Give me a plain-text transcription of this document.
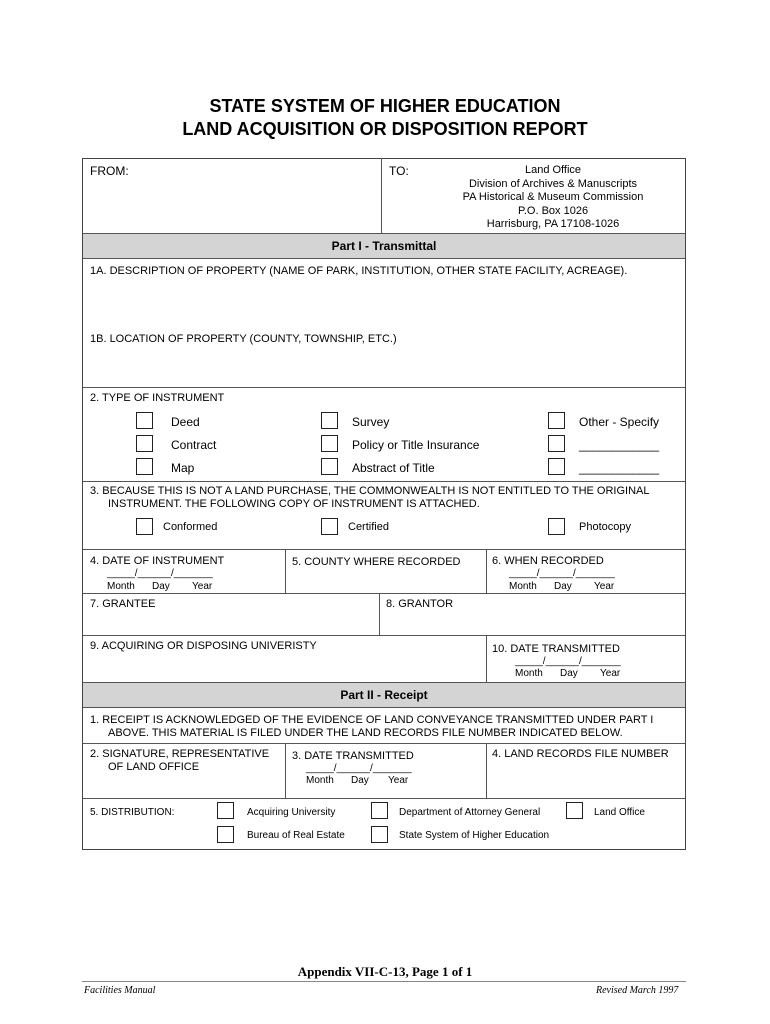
STATE SYSTEM OF HIGHER EDUCATION
LAND ACQUISITION OR DISPOSITION REPORT
FROM:	TO:	Land Office
Division of Archives & Manuscripts
PA Historical & Museum Commission
P.O. Box 1026
Harrisburg, PA 17108-1026
Part I - Transmittal
1A. DESCRIPTION OF PROPERTY (NAME OF PARK, INSTITUTION, OTHER STATE FACILITY, ACREAGE).
1B. LOCATION OF PROPERTY (COUNTY, TOWNSHIP, ETC.)
2. TYPE OF INSTRUMENT
Deed	Survey	Other - Specify
Contract	Policy or Title Insurance	____________
Map	Abstract of Title	____________
3. BECAUSE THIS IS NOT A LAND PURCHASE, THE COMMONWEALTH IS NOT ENTITLED TO THE ORIGINAL
INSTRUMENT. THE FOLLOWING COPY OF INSTRUMENT IS ATTACHED.
Conformed	Certified	Photocopy
4. DATE OF INSTRUMENT
_____/______/_______
Month Day Year
5. COUNTY WHERE RECORDED	6. WHEN RECORDED
_____/______/_______
Month Day Year
7. GRANTEE	8. GRANTOR
9. ACQUIRING OR DISPOSING UNIVERISTY	10. DATE TRANSMITTED
_____/______/_______
Month Day Year
Part II - Receipt
1. RECEIPT IS ACKNOWLEDGED OF THE EVIDENCE OF LAND CONVEYANCE TRANSMITTED UNDER PART I
ABOVE. THIS MATERIAL IS FILED UNDER THE LAND RECORDS FILE NUMBER INDICATED BELOW.
2. SIGNATURE, REPRESENTATIVE
OF LAND OFFICE
3. DATE TRANSMITTED
_____/______/_______
Month Day Year
4. LAND RECORDS FILE NUMBER
5. DISTRIBUTION:	Acquiring University	Department of Attorney General	Land Office
Bureau of Real Estate	State System of Higher Education
Appendix VII-C-13, Page 1 of 1
Facilities Manual	Revised March 1997
